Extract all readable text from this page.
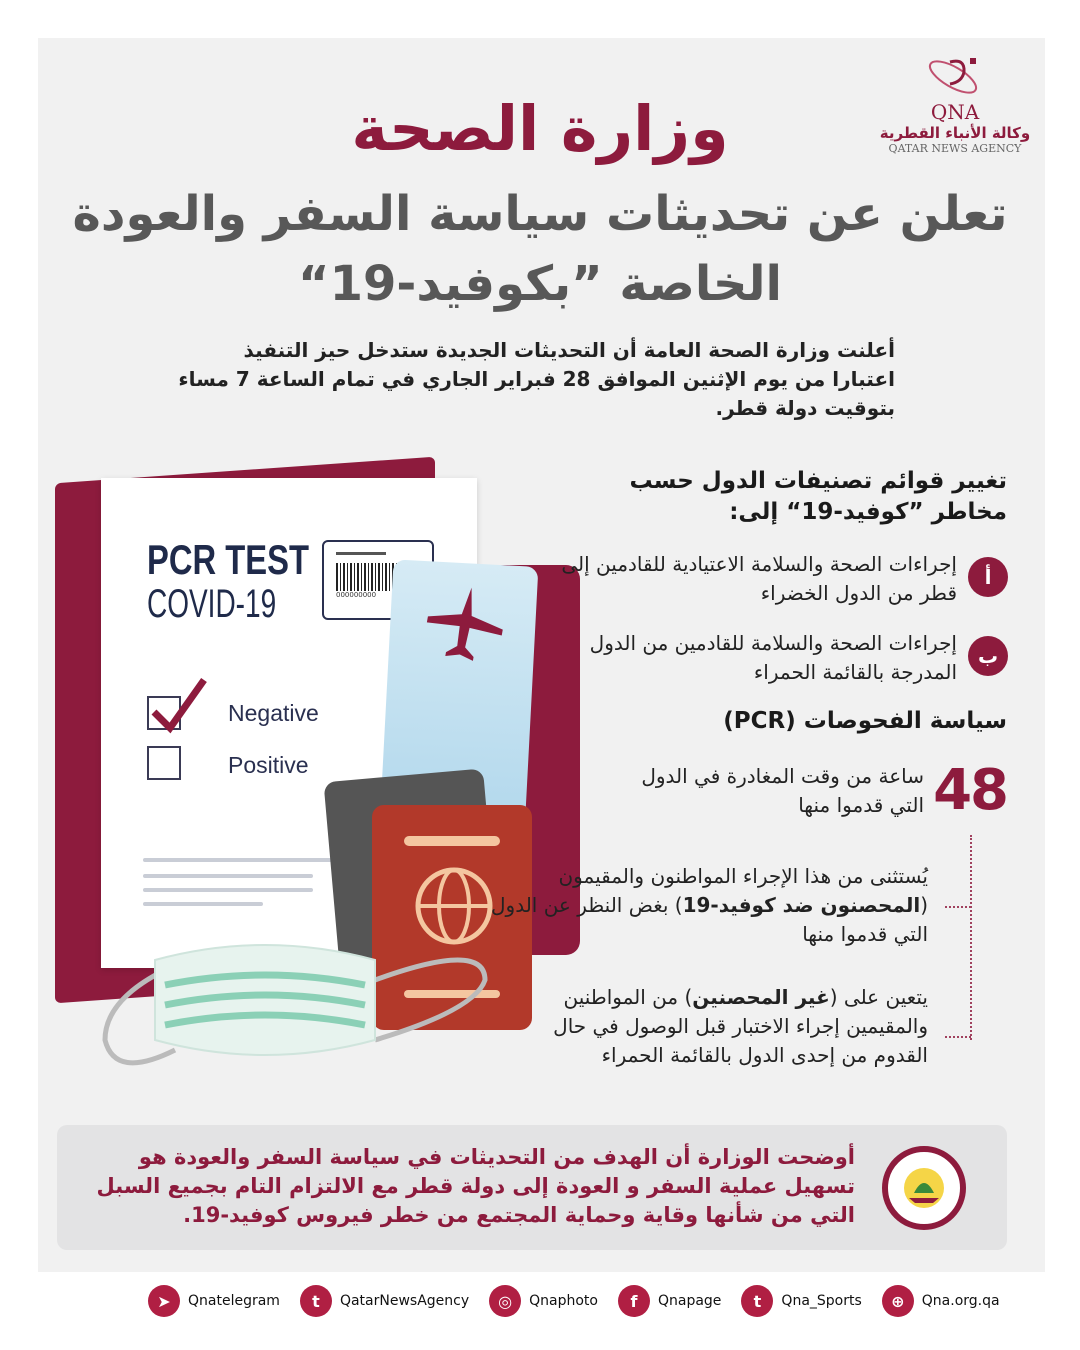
QNA
وكالة الأنباء القطرية
QATAR NEWS AGENCY
وزارة الصحة
تعلن عن تحديثات سياسة السفر والعودة
الخاصة ”بكوفيد-19“
أعلنت وزارة الصحة العامة أن التحديثات الجديدة ستدخل حيز التنفيذ اعتبارا من يوم الإثنين الموافق 28 فبراير الجاري في تمام الساعة 7 مساء بتوقيت دولة قطر.
PCR TEST
COVID-19	000000000
Negative
Positive
تغيير قوائم تصنيفات الدول حسب مخاطر ”كوفيد-19“ إلى:
أ
إجراءات الصحة والسلامة الاعتيادية للقادمين إلى قطر من الدول الخضراء
ب
إجراءات الصحة والسلامة للقادمين من الدول المدرجة بالقائمة الحمراء
سياسة الفحوصات (PCR)
48
ساعة من وقت المغادرة في الدول التي قدموا منها
يُستثنى من هذا الإجراء المواطنون والمقيمون (المحصنون ضد كوفيد-19) بغض النظر عن الدول التي قدموا منها
يتعين على (غير المحصنين) من المواطنين والمقيمين إجراء الاختبار قبل الوصول في حال القدوم من إحدى الدول بالقائمة الحمراء
أوضحت الوزارة أن الهدف من التحديثات في سياسة السفر والعودة هو تسهيل عملية السفر و العودة إلى دولة قطر مع الالتزام التام بجميع السبل التي من شأنها وقاية وحماية المجتمع من خطر فيروس كوفيد-19.
➤	Qnatelegram	t	QatarNewsAgency	◎	Qnaphoto	f	Qnapage	t	Qna_Sports	⊕	Qna.org.qa
